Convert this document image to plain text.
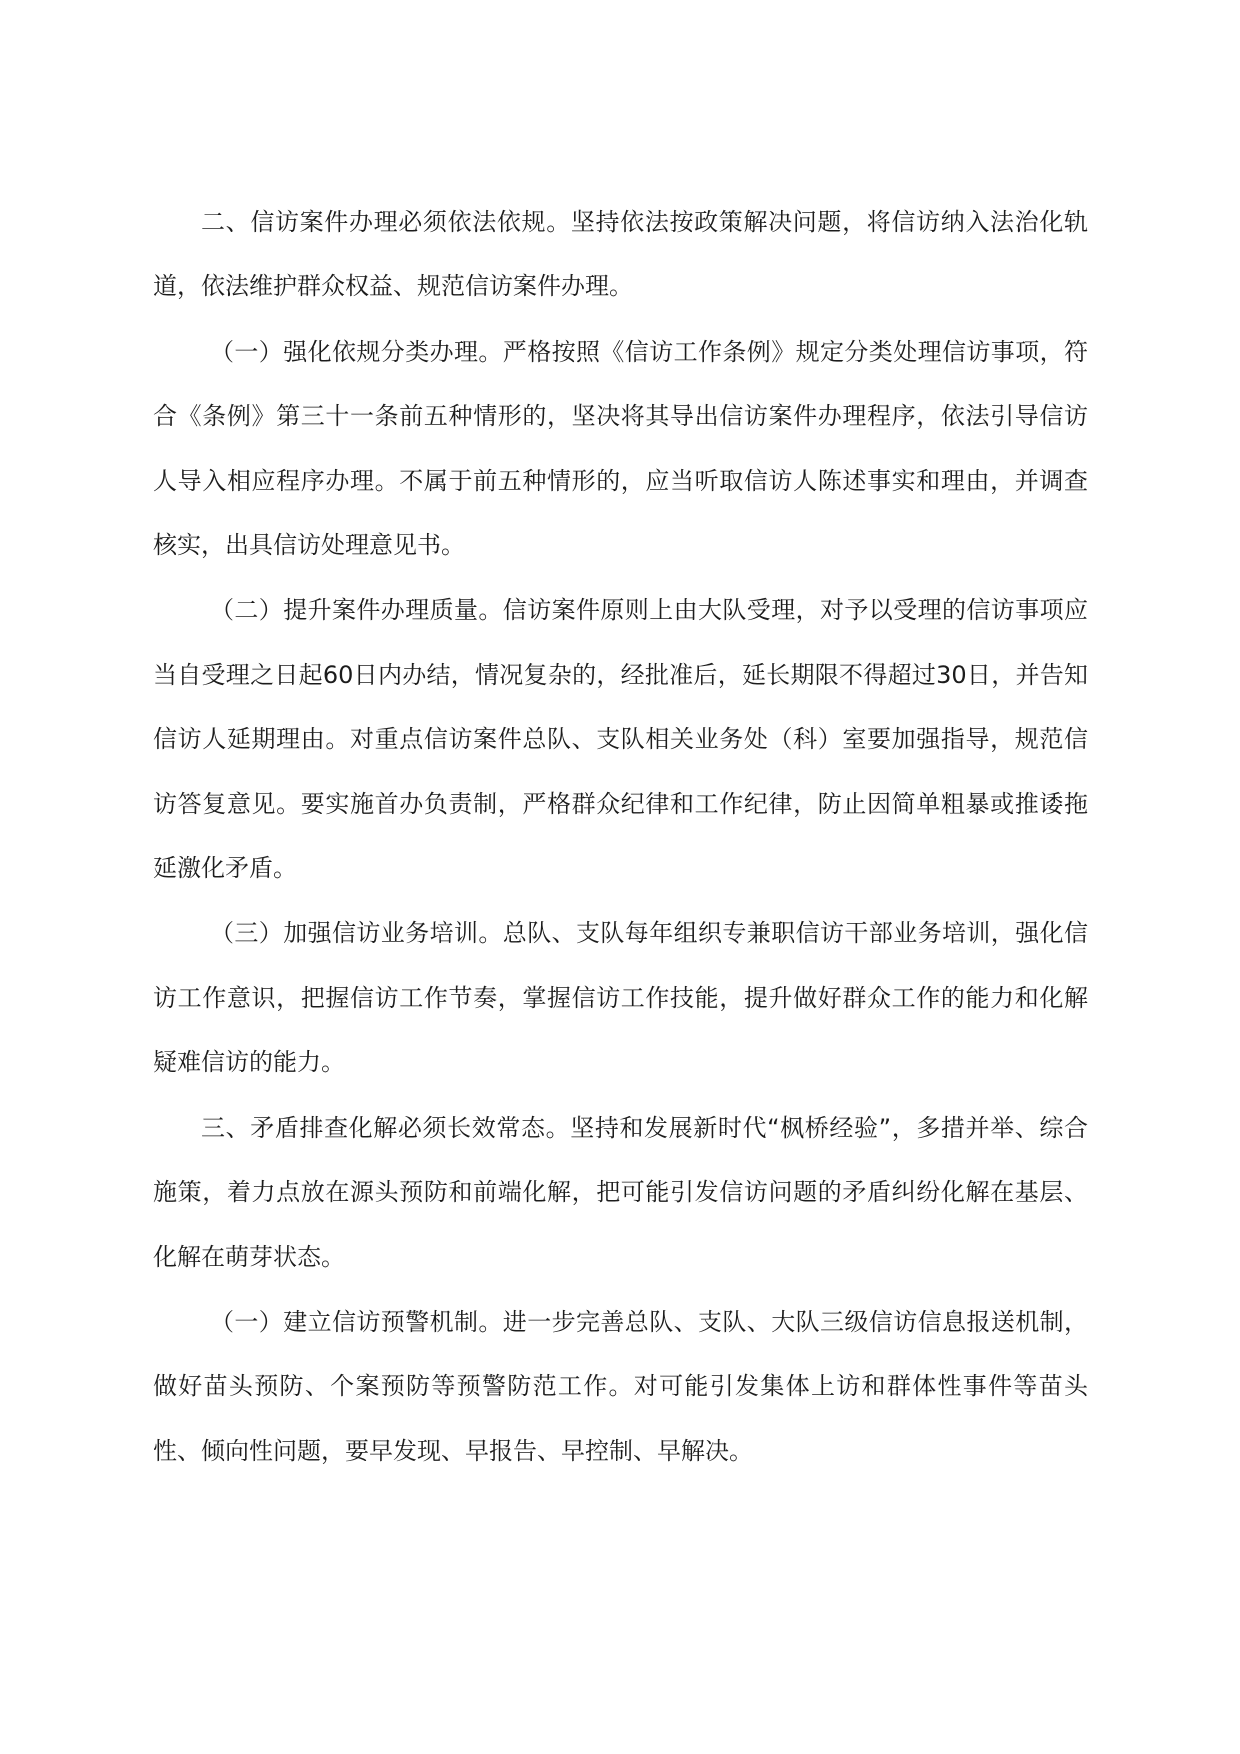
二、信访案件办理必须依法依规。坚持依法按政策解决问题，将信访纳入法治化轨道，依法维护群众权益、规范信访案件办理。

（一）强化依规分类办理。严格按照《信访工作条例》规定分类处理信访事项，符合《条例》第三十一条前五种情形的，坚决将其导出信访案件办理程序，依法引导信访人导入相应程序办理。不属于前五种情形的，应当听取信访人陈述事实和理由，并调查核实，出具信访处理意见书。

（二）提升案件办理质量。信访案件原则上由大队受理，对予以受理的信访事项应当自受理之日起60日内办结，情况复杂的，经批准后，延长期限不得超过30日，并告知信访人延期理由。对重点信访案件总队、支队相关业务处（科）室要加强指导，规范信访答复意见。要实施首办负责制，严格群众纪律和工作纪律，防止因简单粗暴或推诿拖延激化矛盾。

（三）加强信访业务培训。总队、支队每年组织专兼职信访干部业务培训，强化信访工作意识，把握信访工作节奏，掌握信访工作技能，提升做好群众工作的能力和化解疑难信访的能力。

三、矛盾排查化解必须长效常态。坚持和发展新时代“枫桥经验”，多措并举、综合施策，着力点放在源头预防和前端化解，把可能引发信访问题的矛盾纠纷化解在基层、化解在萌芽状态。

（一）建立信访预警机制。进一步完善总队、支队、大队三级信访信息报送机制，做好苗头预防、个案预防等预警防范工作。对可能引发集体上访和群体性事件等苗头性、倾向性问题，要早发现、早报告、早控制、早解决。
